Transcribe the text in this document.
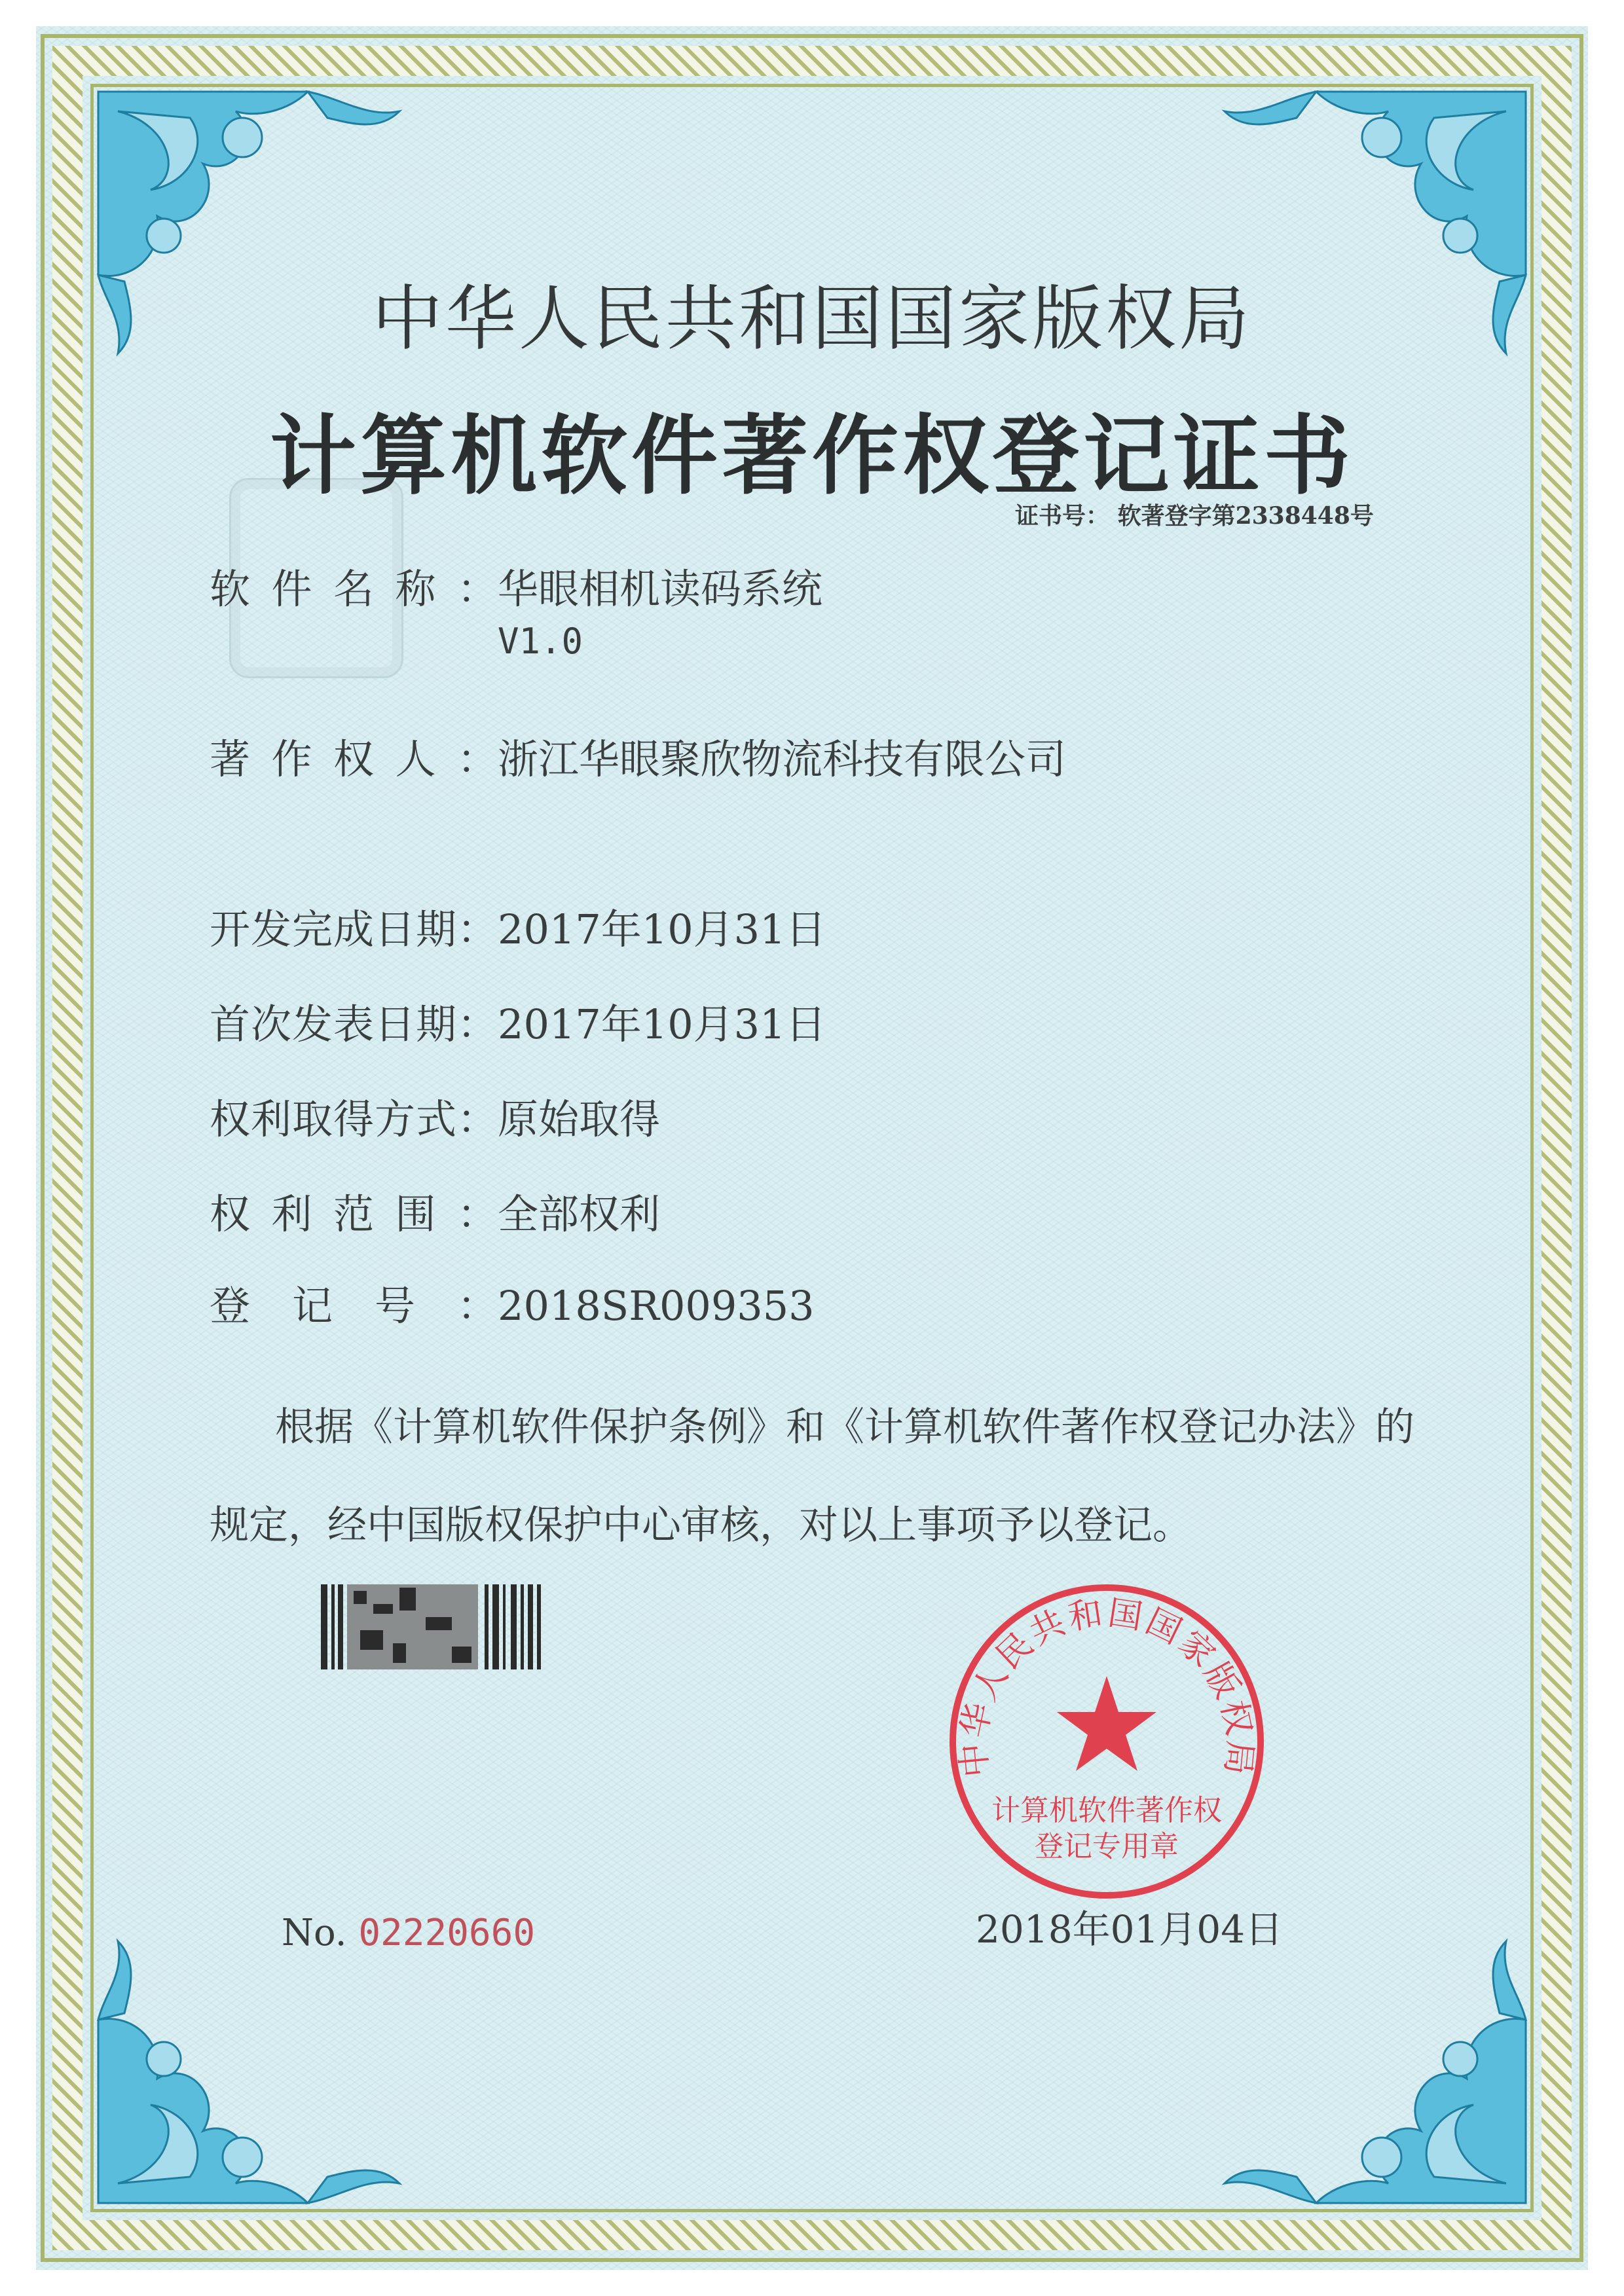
中华人民共和国国家版权局
计算机软件著作权登记证书
证书号： 软著登字第2338448号
软件名称：华眼相机读码系统
V1.0
著作权人：浙江华眼聚欣物流科技有限公司
开发完成日期：2017年10月31日
首次发表日期：2017年10月31日
权利取得方式：原始取得
权利范围：全部权利
登记号：2018SR009353
根据《计算机软件保护条例》和《计算机软件著作权登记办法》的
规定，经中国版权保护中心审核，对以上事项予以登记。
中华人民共和国国家版权局
计算机软件著作权
登记专用章
No. 02220660	2018年01月04日
